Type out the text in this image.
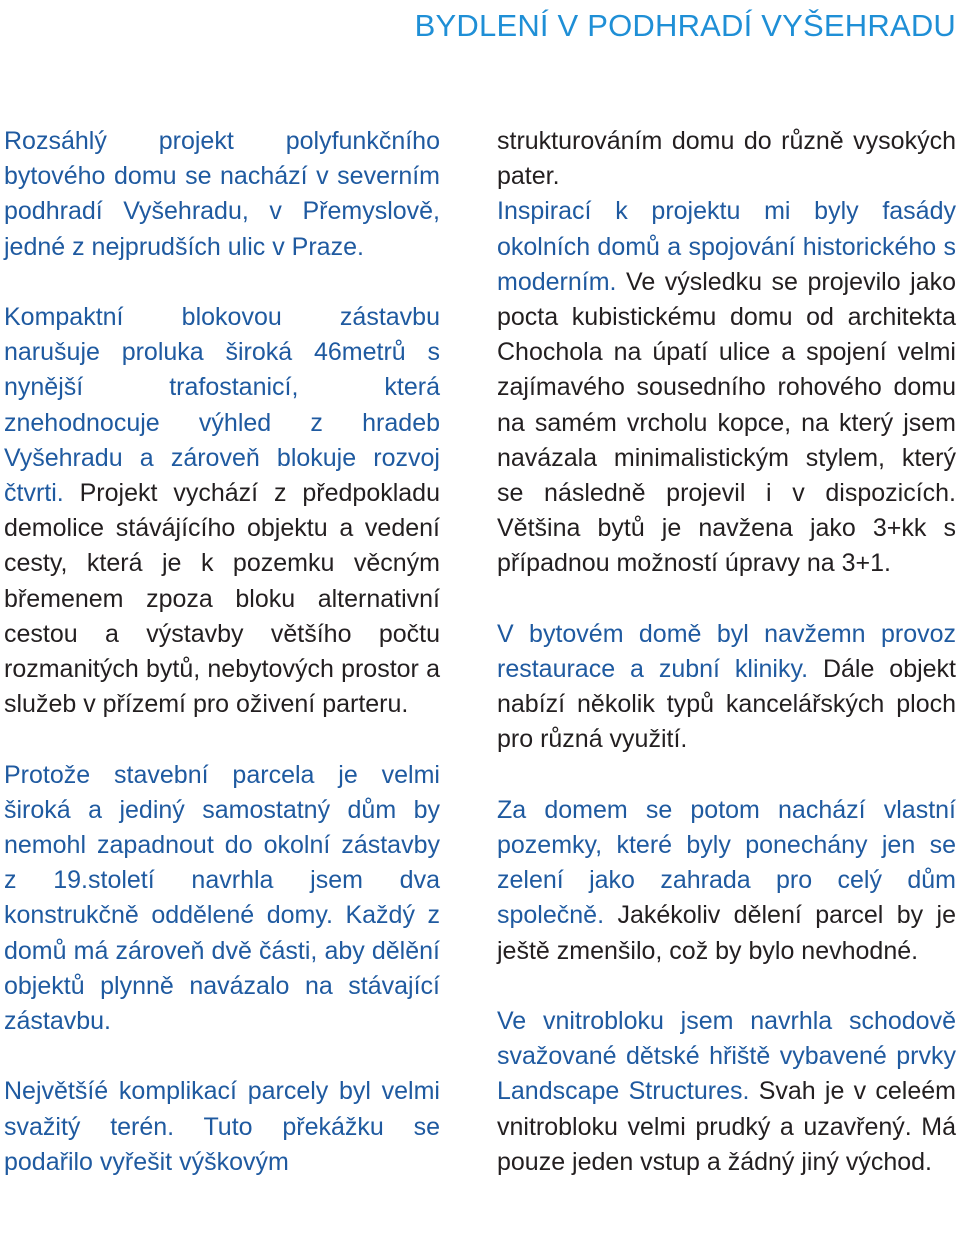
BYDLENÍ V PODHRADÍ VYŠEHRADU

Rozsáhlý projekt polyfunkčního bytového domu se nachází v severním podhradí Vyšehradu, v Přemyslově, jedné z nejprudších ulic v Praze.

Kompaktní blokovou zástavbu narušuje proluka široká 46metrů s nynější trafostanicí, která znehodnocuje výhled z hradeb Vyšehradu a zároveň blokuje rozvoj čtvrti. Projekt vychází z předpokladu demolice stávájícího objektu a vedení cesty, která je k pozemku věcným břemenem zpoza bloku alternativní cestou a výstavby většího počtu rozmanitých bytů, nebytových prostor a služeb v přízemí pro oživení parteru.

Protože stavební parcela je velmi široká a jediný samostatný dům by nemohl zapadnout do okolní zástavby z 19.století navrhla jsem dva konstrukčně oddělené domy. Každý z domů má zároveň dvě části, aby dělění objektů plynně navázalo na stávající zástavbu.

Největšíé komplikací parcely byl velmi svažitý terén. Tuto překážku se podařilo vyřešit výškovým

strukturováním domu do různě vysokých pater.
Inspirací k projektu mi byly fasády okolních domů a spojování historického s moderním. Ve výsledku se projevilo jako pocta kubistickému domu od architekta Chochola na úpatí ulice a spojení velmi zajímavého sousedního rohového domu na samém vrcholu kopce, na který jsem navázala minimalistickým stylem, který se následně projevil i v dispozicích. Většina bytů je navžena jako 3+kk s případnou možností úpravy na 3+1.

V bytovém domě byl navžemn provoz restaurace a zubní kliniky. Dále objekt nabízí několik typů kancelářských ploch pro různá využití.

Za domem se potom nachází vlastní pozemky, které byly ponechány jen se zelení jako zahrada pro celý dům společně. Jakékoliv dělení parcel by je ještě zmenšilo, což by bylo nevhodné.

Ve vnitrobloku jsem navrhla schodově svažované dětské hřiště vybavené prvky Landscape Structures. Svah je v celeém vnitrobloku velmi prudký a uzavřený. Má pouze jeden vstup a žádný jiný východ.
